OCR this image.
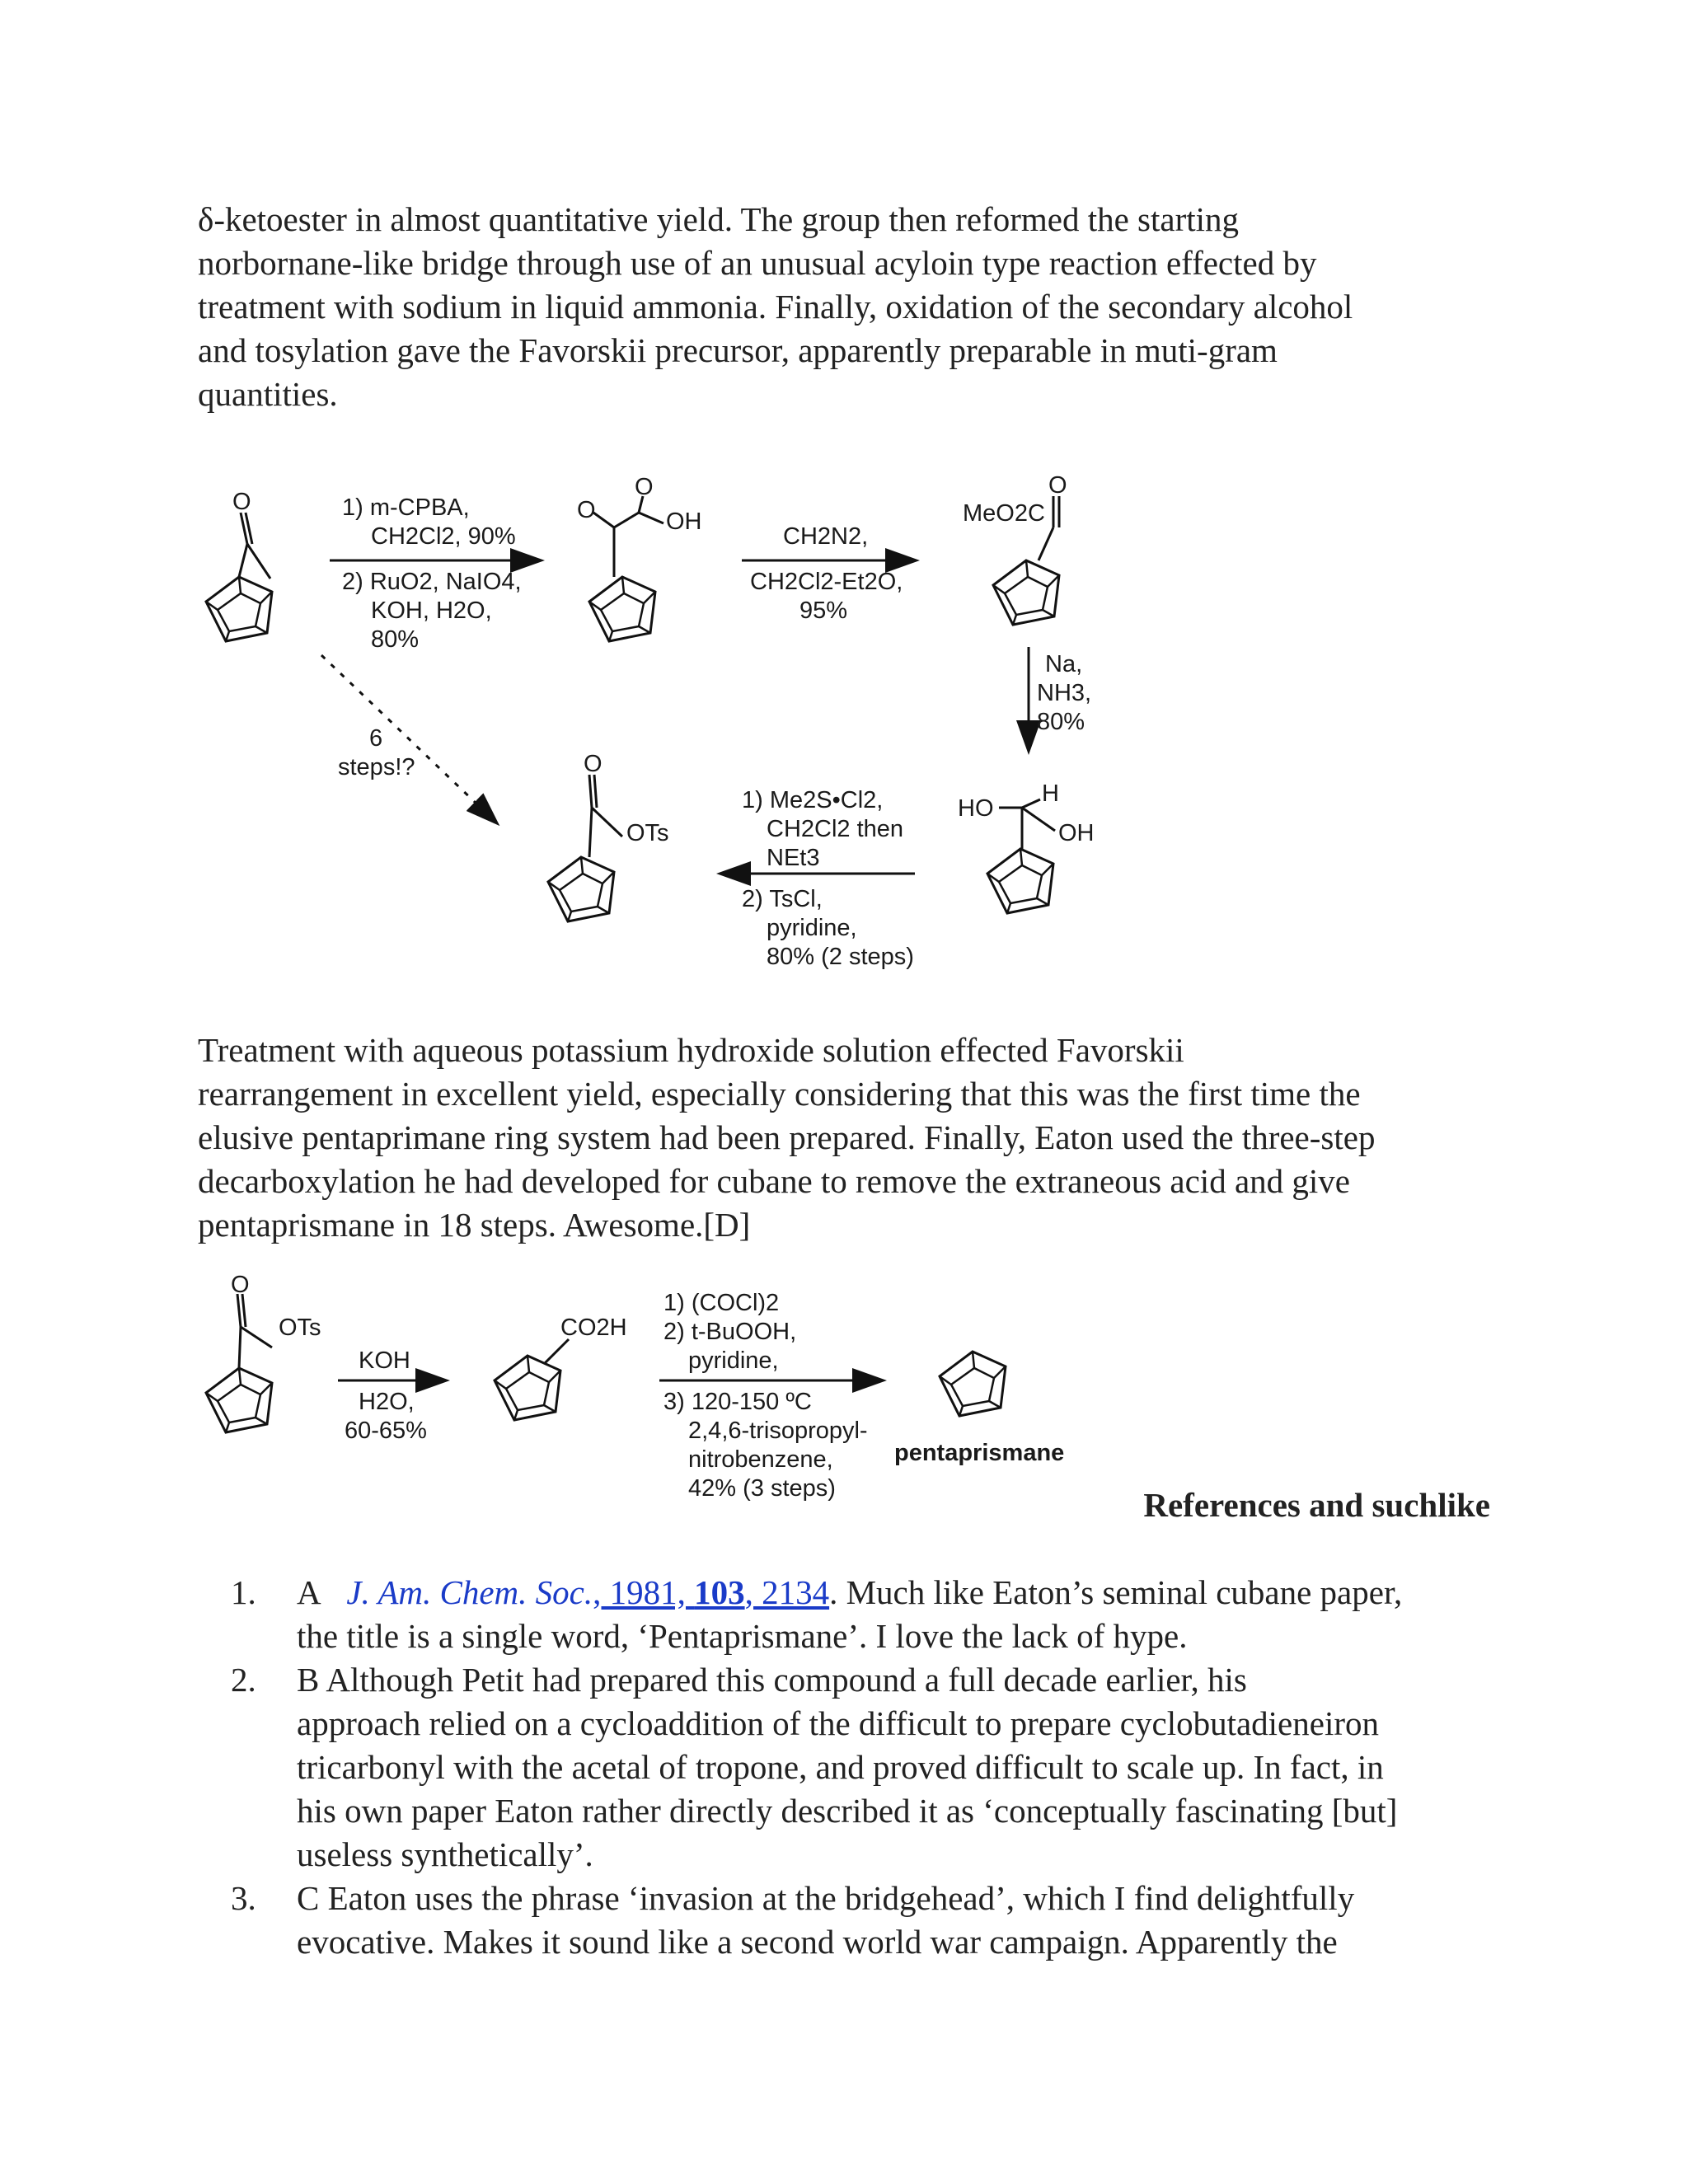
δ-ketoester in almost quantitative yield. The group then reformed the starting
norbornane-like bridge through use of an unusual acyloin type reaction effected by
treatment with sodium in liquid ammonia. Finally, oxidation of the secondary alcohol
and tosylation gave the Favorskii precursor, apparently preparable in muti-gram
quantities.
O	1) m-CPBA,
CH2Cl2, 90%
2) RuO2, NaIO4,
KOH, H2O,
80%
O
O
OH
CH2N2,
CH2Cl2-Et2O,
95%
MeO2C
O
Na,
NH3,
80%
HO
H
OH
1) Me2S•Cl2,
CH2Cl2 then
NEt3
2) TsCl,
pyridine,
80% (2 steps)
O
OTs
6
steps!?
Treatment with aqueous potassium hydroxide solution effected Favorskii
rearrangement in excellent yield, especially considering that this was the first time the
elusive pentaprimane ring system had been prepared. Finally, Eaton used the three-step
decarboxylation he had developed for cubane to remove the extraneous acid and give
pentaprismane in 18 steps. Awesome.[D]
O
OTs
KOH
H2O,
60-65%
CO2H
1) (COCl)2
2) t-BuOOH,
pyridine,
3) 120-150 ºC
2,4,6-trisopropyl-
nitrobenzene,
42% (3 steps)
pentaprismane
References and suchlike
1. A J. Am. Chem. Soc., 1981, 103, 2134. Much like Eaton’s seminal cubane paper,
the title is a single word, ‘Pentaprismane’. I love the lack of hype.
2. B Although Petit had prepared this compound a full decade earlier, his
approach relied on a cycloaddition of the difficult to prepare cyclobutadieneiron
tricarbonyl with the acetal of tropone, and proved difficult to scale up. In fact, in
his own paper Eaton rather directly described it as ‘conceptually fascinating [but]
useless synthetically’.
3. C Eaton uses the phrase ‘invasion at the bridgehead’, which I find delightfully
evocative. Makes it sound like a second world war campaign. Apparently the
